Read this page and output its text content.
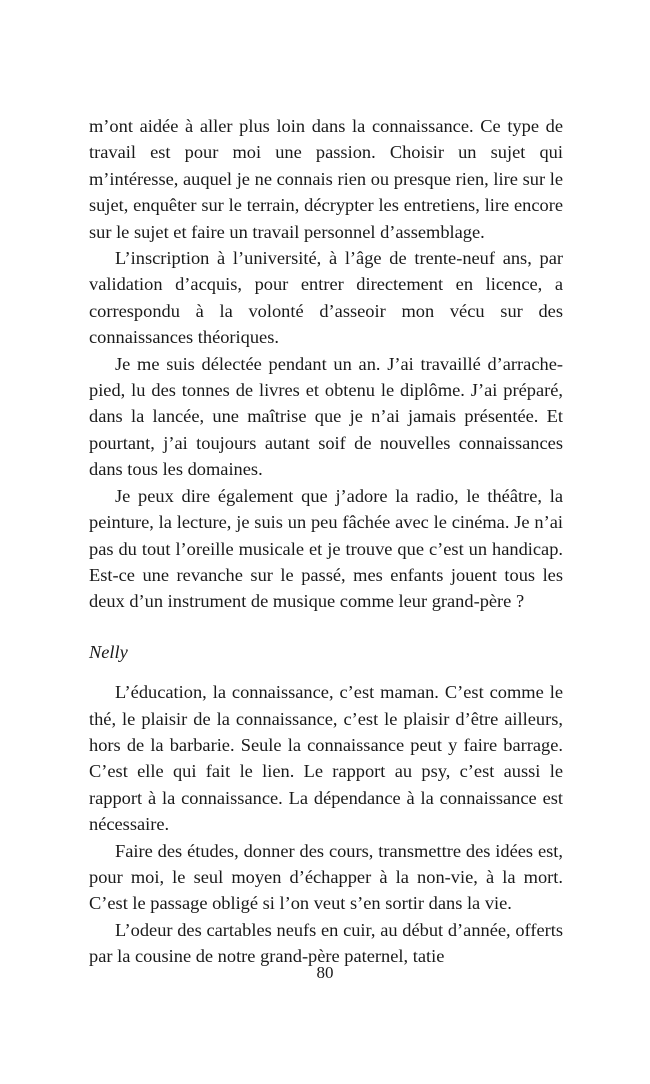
m’ont aidée à aller plus loin dans la connaissance. Ce type de travail est pour moi une passion. Choisir un sujet qui m’intéresse, auquel je ne connais rien ou presque rien, lire sur le sujet, enquêter sur le terrain, décrypter les entretiens, lire encore sur le sujet et faire un travail personnel d’assemblage.

L’inscription à l’université, à l’âge de trente-neuf ans, par validation d’acquis, pour entrer directement en licence, a correspondu à la volonté d’asseoir mon vécu sur des connaissances théoriques.

Je me suis délectée pendant un an. J’ai travaillé d’arrache-pied, lu des tonnes de livres et obtenu le diplôme. J’ai préparé, dans la lancée, une maîtrise que je n’ai jamais présentée. Et pourtant, j’ai toujours autant soif de nouvelles connaissances dans tous les domaines.

Je peux dire également que j’adore la radio, le théâtre, la peinture, la lecture, je suis un peu fâchée avec le cinéma. Je n’ai pas du tout l’oreille musicale et je trouve que c’est un handicap. Est-ce une revanche sur le passé, mes enfants jouent tous les deux d’un instrument de musique comme leur grand-père ?

Nelly

L’éducation, la connaissance, c’est maman. C’est comme le thé, le plaisir de la connaissance, c’est le plaisir d’être ailleurs, hors de la barbarie. Seule la connaissance peut y faire barrage. C’est elle qui fait le lien. Le rapport au psy, c’est aussi le rapport à la connaissance. La dépendance à la connaissance est nécessaire.

Faire des études, donner des cours, transmettre des idées est, pour moi, le seul moyen d’échapper à la non-vie, à la mort. C’est le passage obligé si l’on veut s’en sortir dans la vie.

L’odeur des cartables neufs en cuir, au début d’année, offerts par la cousine de notre grand-père paternel, tatie

80
